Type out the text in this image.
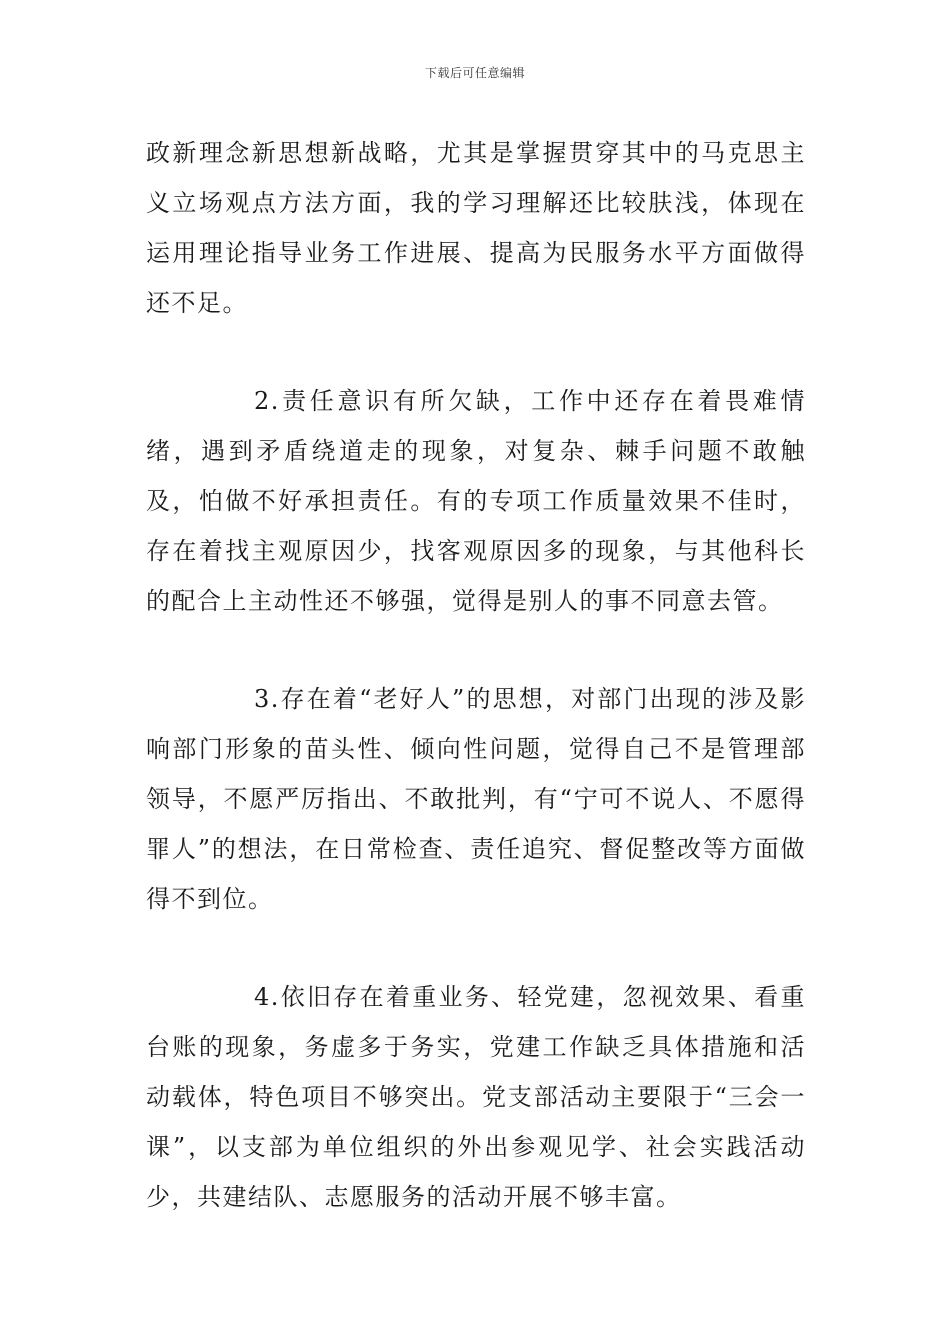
下载后可任意编辑

政新理念新思想新战略，尤其是掌握贯穿其中的马克思主义立场观点方法方面，我的学习理解还比较肤浅，体现在运用理论指导业务工作进展、提高为民服务水平方面做得还不足。

2.责任意识有所欠缺，工作中还存在着畏难情绪，遇到矛盾绕道走的现象，对复杂、棘手问题不敢触及，怕做不好承担责任。有的专项工作质量效果不佳时，存在着找主观原因少，找客观原因多的现象，与其他科长的配合上主动性还不够强，觉得是别人的事不同意去管。

3.存在着“老好人”的思想，对部门出现的涉及影响部门形象的苗头性、倾向性问题，觉得自己不是管理部领导，不愿严厉指出、不敢批判，有“宁可不说人、不愿得罪人”的想法，在日常检查、责任追究、督促整改等方面做得不到位。

4.依旧存在着重业务、轻党建，忽视效果、看重台账的现象，务虚多于务实，党建工作缺乏具体措施和活动载体，特色项目不够突出。党支部活动主要限于“三会一课”，以支部为单位组织的外出参观见学、社会实践活动少，共建结队、志愿服务的活动开展不够丰富。
